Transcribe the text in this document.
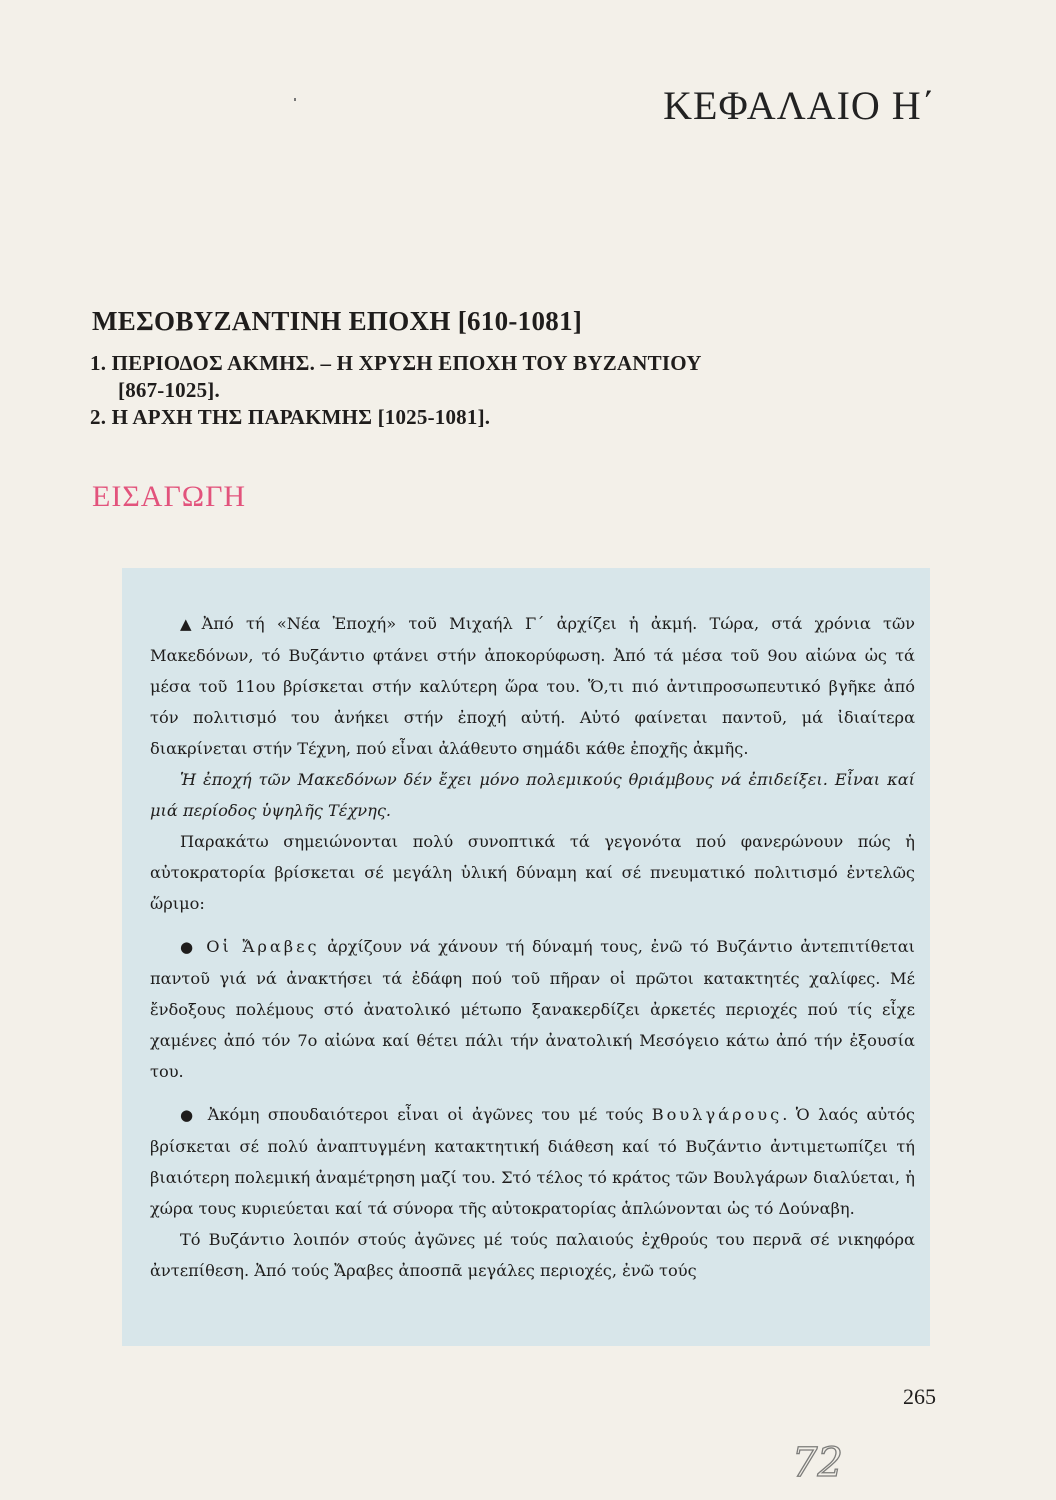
ΚΕΦΑΛΑΙΟ Η΄
ΜΕΣΟΒΥΖΑΝΤΙΝΗ ΕΠΟΧΗ [610-1081]
1. ΠΕΡΙΟΔΟΣ ΑΚΜΗΣ. – Η ΧΡΥΣΗ ΕΠΟΧΗ ΤΟΥ ΒΥΖΑΝΤΙΟΥ
[867-1025].
2. Η ΑΡΧΗ ΤΗΣ ΠΑΡΑΚΜΗΣ [1025-1081].
ΕΙΣΑΓΩΓΗ

▲ Ἀπό τή «Νέα Ἐποχή» τοῦ Μιχαήλ Γ΄ ἀρχίζει ἡ ἀκμή. Τώρα, στά χρόνια τῶν Μακεδόνων, τό Βυζάντιο φτάνει στήν ἀποκορύφωση. Ἀπό τά μέσα τοῦ 9ου αἰώνα ὡς τά μέσα τοῦ 11ου βρίσκεται στήν καλύτερη ὥρα του. Ὅ,τι πιό ἀντιπροσωπευτικό βγῆκε ἀπό τόν πολιτισμό του ἀνήκει στήν ἐποχή αὐτή. Αὐτό φαίνεται παντοῦ, μά ἰδιαίτερα διακρίνεται στήν Τέχνη, πού εἶναι ἀλάθευτο σημάδι κάθε ἐποχῆς ἀκμῆς.

Ἡ ἐποχή τῶν Μακεδόνων δέν ἔχει μόνο πολεμικούς θριάμβους νά ἐπιδείξει. Εἶναι καί μιά περίοδος ὑψηλῆς Τέχνης.

Παρακάτω σημειώνονται πολύ συνοπτικά τά γεγονότα πού φανερώνουν πώς ἡ αὐτοκρατορία βρίσκεται σέ μεγάλη ὑλική δύναμη καί σέ πνευματικό πολιτισμό ἐντελῶς ὥριμο:

● Οἱ Ἄραβες ἀρχίζουν νά χάνουν τή δύναμή τους, ἐνῶ τό Βυζάντιο ἀντεπιτίθεται παντοῦ γιά νά ἀνακτήσει τά ἐδάφη πού τοῦ πῆραν οἱ πρῶτοι κατακτητές χαλίφες. Μέ ἔνδοξους πολέμους στό ἀνατολικό μέτωπο ξανακερδίζει ἀρκετές περιοχές πού τίς εἶχε χαμένες ἀπό τόν 7ο αἰώνα καί θέτει πάλι τήν ἀνατολική Μεσόγειο κάτω ἀπό τήν ἐξουσία του.

● Ἀκόμη σπουδαιότεροι εἶναι οἱ ἀγῶνες του μέ τούς Βουλγάρους. Ὁ λαός αὐτός βρίσκεται σέ πολύ ἀναπτυγμένη κατακτητική διάθεση καί τό Βυζάντιο ἀντιμετωπίζει τή βιαιότερη πολεμική ἀναμέτρηση μαζί του. Στό τέλος τό κράτος τῶν Βουλγάρων διαλύεται, ἡ χώρα τους κυριεύεται καί τά σύνορα τῆς αὐτοκρατορίας ἁπλώνονται ὡς τό Δούναβη.

Τό Βυζάντιο λοιπόν στούς ἀγῶνες μέ τούς παλαιούς ἐχθρούς του περνᾶ σέ νικηφόρα ἀντεπίθεση. Ἀπό τούς Ἄραβες ἀποσπᾶ μεγάλες περιοχές, ἐνῶ τούς

265
72
